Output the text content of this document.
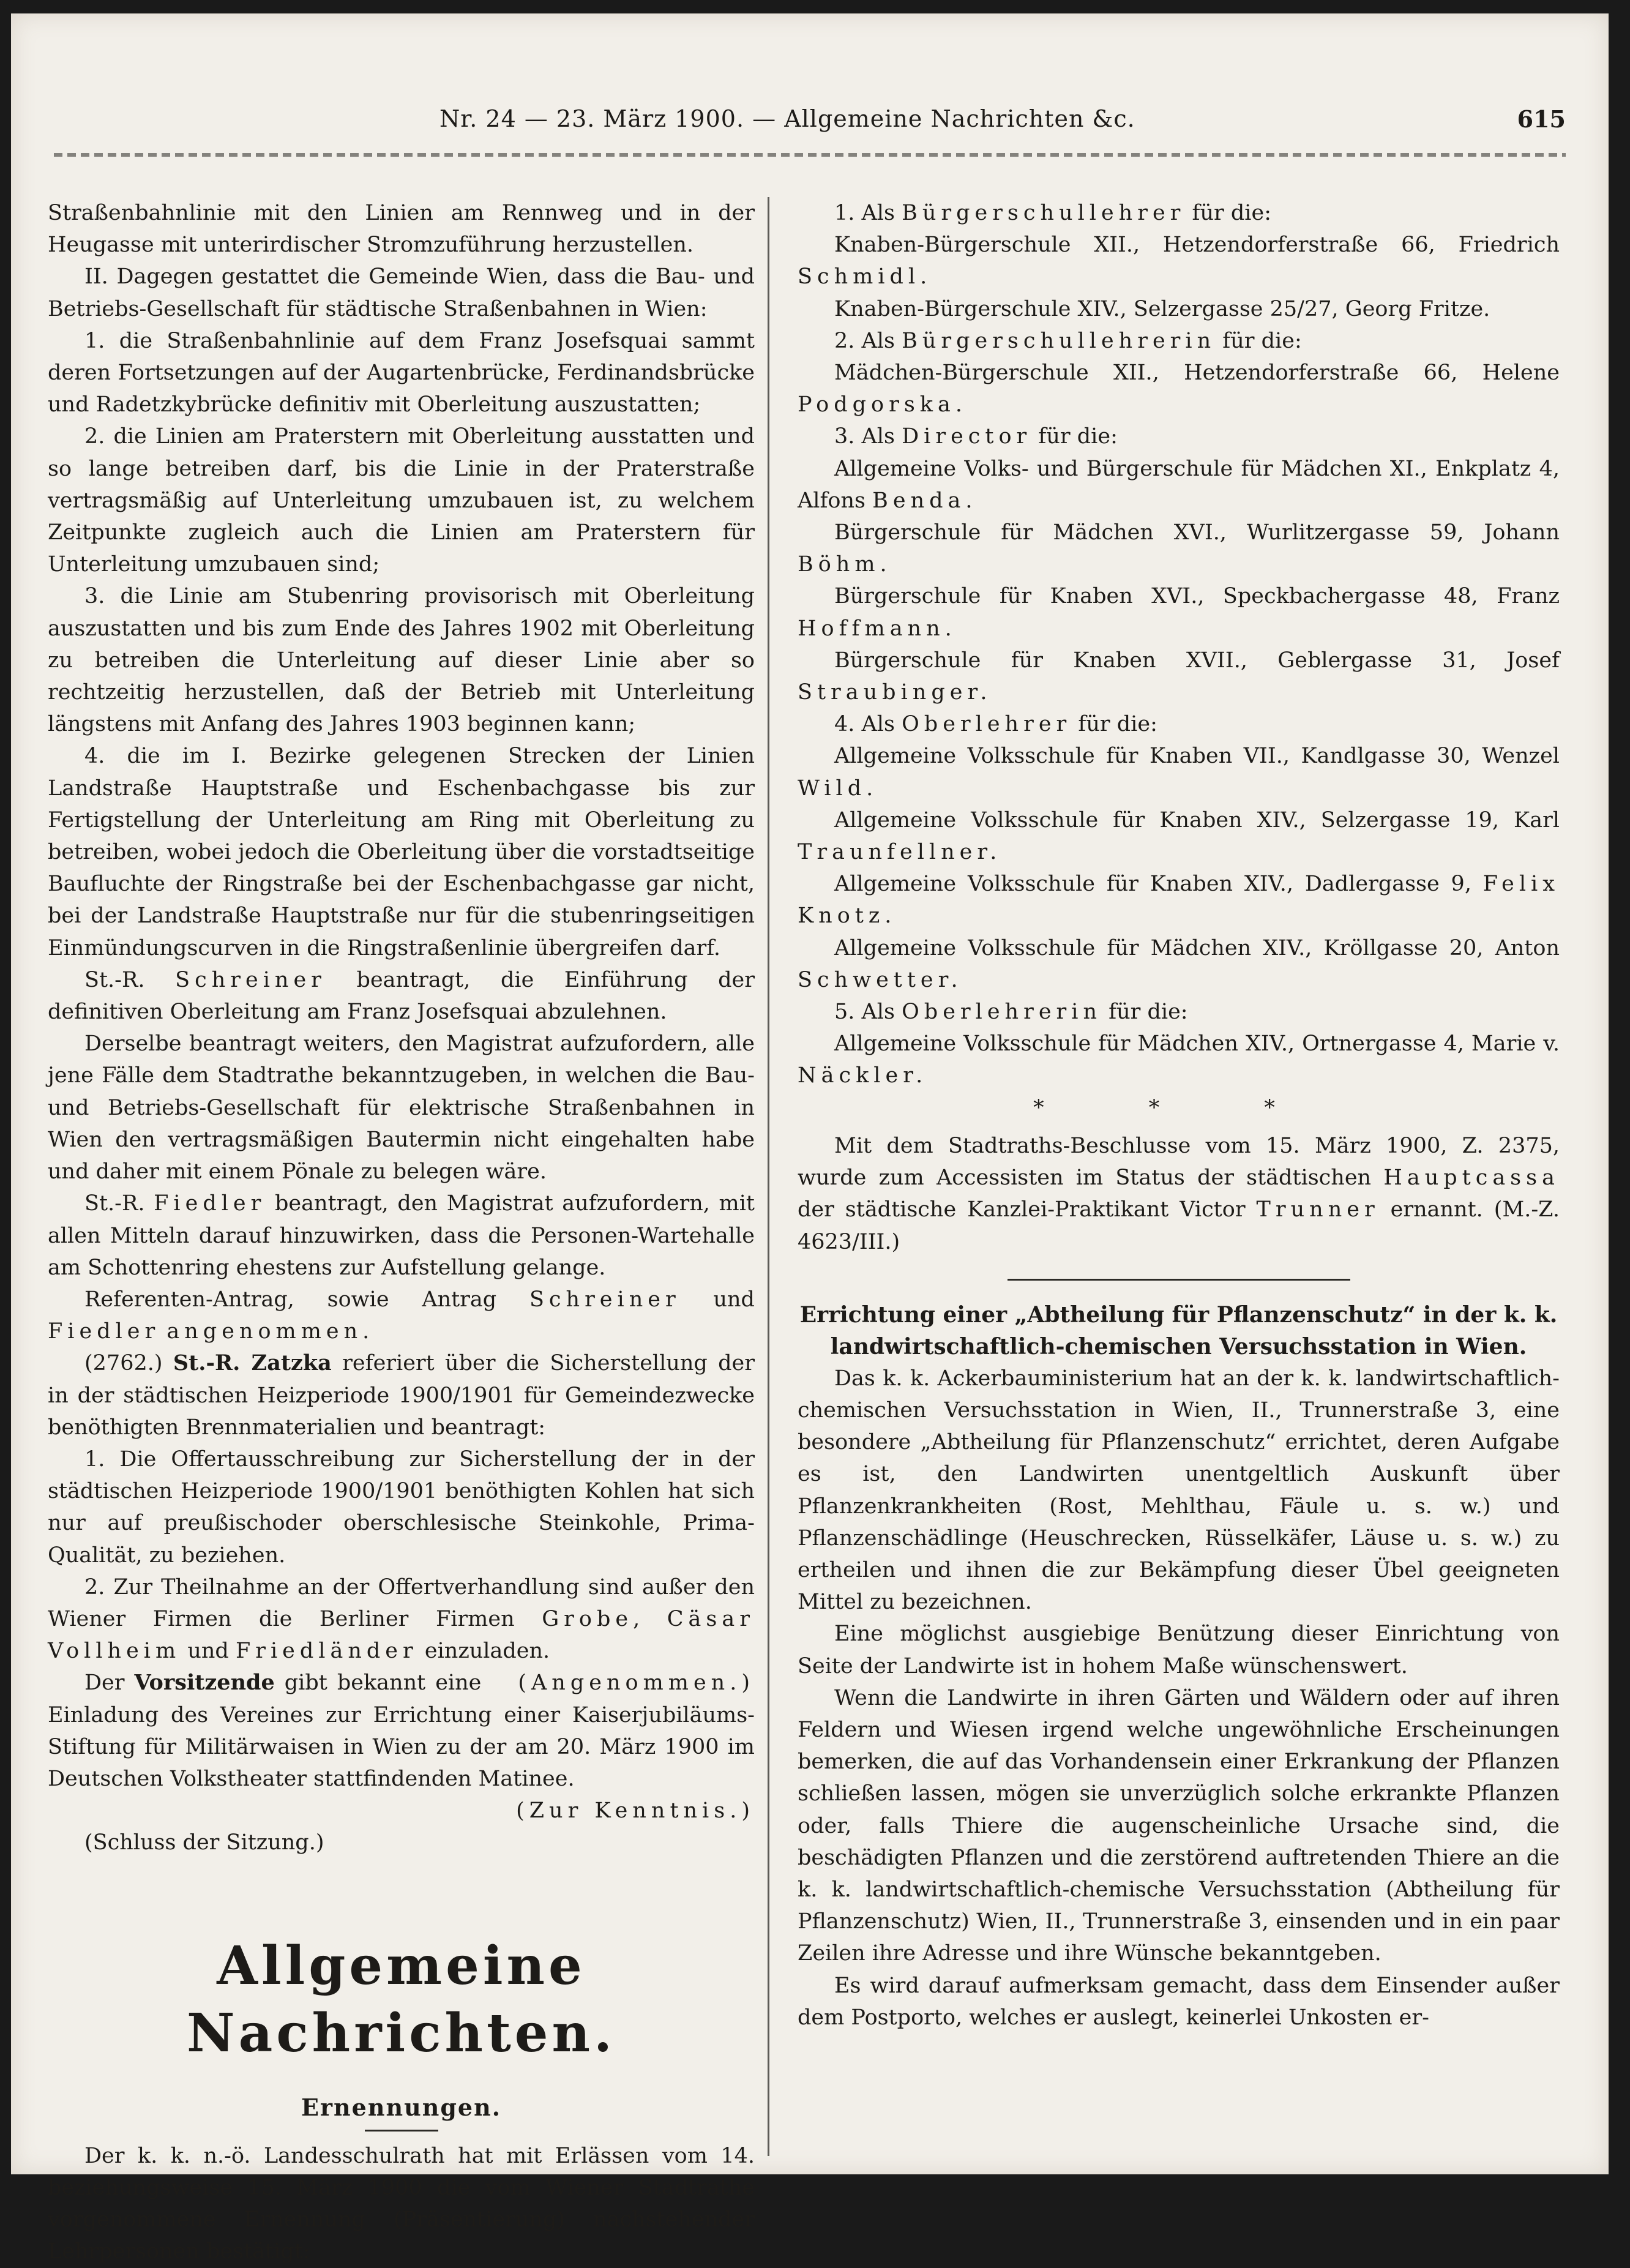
Nr. 24 — 23. März 1900. — Allgemeine Nachrichten &c.	615

Straßenbahnlinie mit den Linien am Rennweg und in der Heugasse mit unterirdischer Stromzuführung herzustellen.

II. Dagegen gestattet die Gemeinde Wien, dass die Bau- und Betriebs-Gesellschaft für städtische Straßenbahnen in Wien:

1. die Straßenbahnlinie auf dem Franz Josefsquai sammt deren Fortsetzungen auf der Augartenbrücke, Ferdinandsbrücke und Radetzkybrücke definitiv mit Oberleitung auszustatten;

2. die Linien am Praterstern mit Oberleitung ausstatten und so lange betreiben darf, bis die Linie in der Praterstraße vertragsmäßig auf Unterleitung umzubauen ist, zu welchem Zeitpunkte zugleich auch die Linien am Praterstern für Unterleitung umzubauen sind;

3. die Linie am Stubenring provisorisch mit Oberleitung auszustatten und bis zum Ende des Jahres 1902 mit Oberleitung zu betreiben die Unterleitung auf dieser Linie aber so rechtzeitig herzustellen, daß der Betrieb mit Unterleitung längstens mit Anfang des Jahres 1903 beginnen kann;

4. die im I. Bezirke gelegenen Strecken der Linien Landstraße Hauptstraße und Eschenbachgasse bis zur Fertigstellung der Unterleitung am Ring mit Oberleitung zu betreiben, wobei jedoch die Oberleitung über die vorstadtseitige Baufluchte der Ringstraße bei der Eschenbachgasse gar nicht, bei der Landstraße Hauptstraße nur für die stubenringseitigen Einmündungscurven in die Ringstraßenlinie übergreifen darf.

St.-R. Schreiner beantragt, die Einführung der definitiven Oberleitung am Franz Josefsquai abzulehnen.

Derselbe beantragt weiters, den Magistrat aufzufordern, alle jene Fälle dem Stadtrathe bekanntzugeben, in welchen die Bau- und Betriebs-Gesellschaft für elektrische Straßenbahnen in Wien den vertragsmäßigen Bautermin nicht eingehalten habe und daher mit einem Pönale zu belegen wäre.

St.-R. Fiedler beantragt, den Magistrat aufzufordern, mit allen Mitteln darauf hinzuwirken, dass die Personen-Wartehalle am Schottenring ehestens zur Aufstellung gelange.

Referenten-Antrag, sowie Antrag Schreiner und Fiedler angenommen.

(2762.) St.-R. Zatzka referiert über die Sicherstellung der in der städtischen Heizperiode 1900/1901 für Gemeindezwecke benöthigten Brennmaterialien und beantragt:

1. Die Offertausschreibung zur Sicherstellung der in der städtischen Heizperiode 1900/1901 benöthigten Kohlen hat sich nur auf preußischoder oberschlesische Steinkohle, Prima-Qualität, zu beziehen.

2. Zur Theilnahme an der Offertverhandlung sind außer den Wiener Firmen die Berliner Firmen Grobe, Cäsar Vollheim und Friedländer einzuladen.
(Angenommen.)

Der Vorsitzende gibt bekannt eine Einladung des Vereines zur Errichtung einer Kaiserjubiläums-Stiftung für Militärwaisen in Wien zu der am 20. März 1900 im Deutschen Volkstheater stattfindenden Matinee.
(Zur Kenntnis.)

(Schluss der Sitzung.)

Allgemeine Nachrichten.
Ernennungen.

Der k. k. n.-ö. Landesschulrath hat mit Erlässen vom 14. beziehungsweise 15. März 1900 die vom Wiener Stadtrathe vorgenommene Ernennung (Präsentierung) nachstehender Lehrpersonen bestätigt:

1. Als Bürgerschullehrer für die:

Knaben-Bürgerschule XII., Hetzendorferstraße 66, Friedrich Schmidl.

Knaben-Bürgerschule XIV., Selzergasse 25/27, Georg Fritze.

2. Als Bürgerschullehrerin für die:

Mädchen-Bürgerschule XII., Hetzendorferstraße 66, Helene Podgorska.

3. Als Director für die:

Allgemeine Volks- und Bürgerschule für Mädchen XI., Enkplatz 4, Alfons Benda.

Bürgerschule für Mädchen XVI., Wurlitzergasse 59, Johann Böhm.

Bürgerschule für Knaben XVI., Speckbachergasse 48, Franz Hoffmann.

Bürgerschule für Knaben XVII., Geblergasse 31, Josef Straubinger.

4. Als Oberlehrer für die:

Allgemeine Volksschule für Knaben VII., Kandlgasse 30, Wenzel Wild.

Allgemeine Volksschule für Knaben XIV., Selzergasse 19, Karl Traunfellner.

Allgemeine Volksschule für Knaben XIV., Dadlergasse 9, Felix Knotz.

Allgemeine Volksschule für Mädchen XIV., Kröllgasse 20, Anton Schwetter.

5. Als Oberlehrerin für die:

Allgemeine Volksschule für Mädchen XIV., Ortnergasse 4, Marie v. Näckler.

* * *

Mit dem Stadtraths-Beschlusse vom 15. März 1900, Z. 2375, wurde zum Accessisten im Status der städtischen Hauptcassa der städtische Kanzlei-Praktikant Victor Trunner ernannt. (M.-Z. 4623/III.)

Errichtung einer „Abtheilung für Pflanzenschutz“ in der k. k. landwirtschaftlich-chemischen Versuchsstation in Wien.

Das k. k. Ackerbauministerium hat an der k. k. landwirtschaftlich-chemischen Versuchsstation in Wien, II., Trunnerstraße 3, eine besondere „Abtheilung für Pflanzenschutz“ errichtet, deren Aufgabe es ist, den Landwirten unentgeltlich Auskunft über Pflanzenkrankheiten (Rost, Mehlthau, Fäule u. s. w.) und Pflanzenschädlinge (Heuschrecken, Rüsselkäfer, Läuse u. s. w.) zu ertheilen und ihnen die zur Bekämpfung dieser Übel geeigneten Mittel zu bezeichnen.

Eine möglichst ausgiebige Benützung dieser Einrichtung von Seite der Landwirte ist in hohem Maße wünschenswert.

Wenn die Landwirte in ihren Gärten und Wäldern oder auf ihren Feldern und Wiesen irgend welche ungewöhnliche Erscheinungen bemerken, die auf das Vorhandensein einer Erkrankung der Pflanzen schließen lassen, mögen sie unverzüglich solche erkrankte Pflanzen oder, falls Thiere die augenscheinliche Ursache sind, die beschädigten Pflanzen und die zerstörend auftretenden Thiere an die k. k. landwirtschaftlich-chemische Versuchsstation (Abtheilung für Pflanzenschutz) Wien, II., Trunnerstraße 3, einsenden und in ein paar Zeilen ihre Adresse und ihre Wünsche bekanntgeben.

Es wird darauf aufmerksam gemacht, dass dem Einsender außer dem Postporto, welches er auslegt, keinerlei Unkosten er-
